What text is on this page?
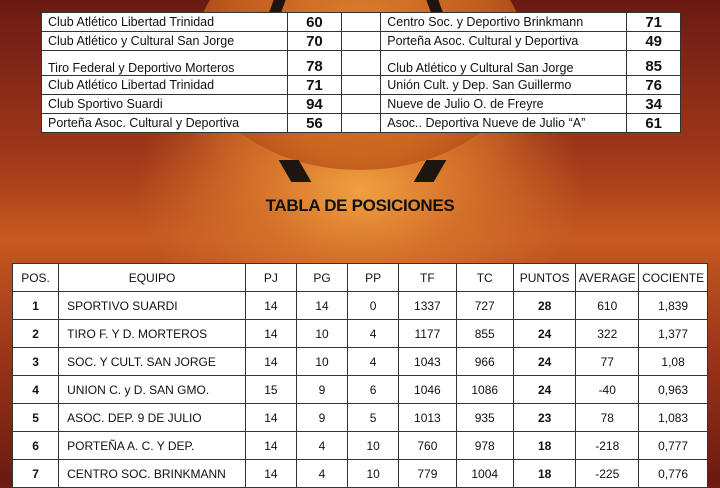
Club Atlético Libertad Trinidad	60		Centro Soc. y Deportivo Brinkmann	71
Club Atlético y Cultural San Jorge	70		Porteña Asoc. Cultural y Deportiva	49
Tiro Federal y Deportivo Morteros	78		Club Atlético y Cultural San Jorge	85
Club Atlético Libertad Trinidad	71		Unión Cult. y Dep. San Guillermo	76
Club Sportivo Suardi	94		Nueve de Julio O. de Freyre	34
Porteña Asoc. Cultural y Deportiva	56		Asoc.. Deportiva Nueve de Julio “A”	61
TABLA DE POSICIONES
POS.	EQUIPO	PJ	PG	PP	TF	TC	PUNTOS	AVERAGE	COCIENTE
1	SPORTIVO SUARDI	14	14	0	1337	727	28	610	1,839
2	TIRO F. Y D. MORTEROS	14	10	4	1177	855	24	322	1,377
3	SOC. Y CULT. SAN JORGE	14	10	4	1043	966	24	77	1,08
4	UNION C. y D. SAN GMO.	15	9	6	1046	1086	24	-40	0,963
5	ASOC. DEP. 9 DE JULIO	14	9	5	1013	935	23	78	1,083
6	PORTEÑA A. C. Y DEP.	14	4	10	760	978	18	-218	0,777
7	CENTRO SOC. BRINKMANN	14	4	10	779	1004	18	-225	0,776
